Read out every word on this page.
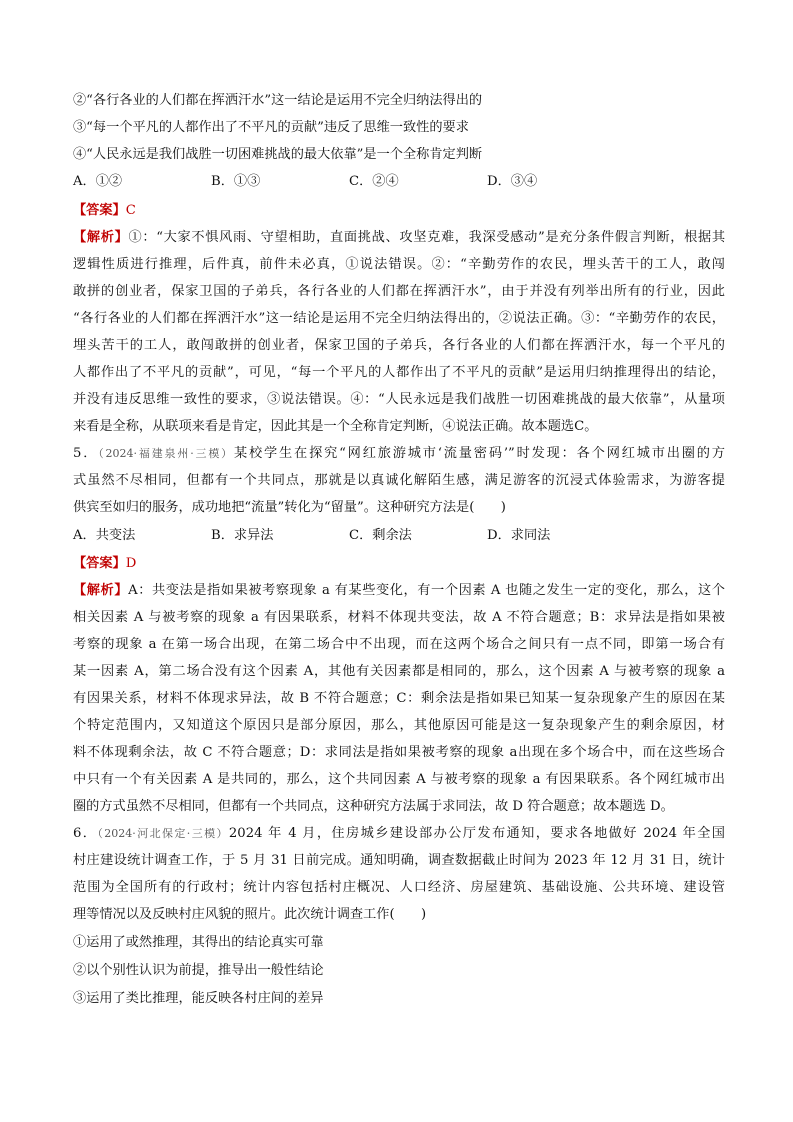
②“各行各业的人们都在挥洒汗水”这一结论是运用不完全归纳法得出的
③“每一个平凡的人都作出了不平凡的贡献”违反了思维一致性的要求
④“人民永远是我们战胜一切困难挑战的最大依靠”是一个全称肯定判断
A．①②	B．①③	C．②④	D．③④
【答案】C
【解析】①：“大家不惧风雨、守望相助，直面挑战、攻坚克难，我深受感动”是充分条件假言判断，根据其
逻辑性质进行推理，后件真，前件未必真，①说法错误。②：“辛勤劳作的农民，埋头苦干的工人，敢闯
敢拼的创业者，保家卫国的子弟兵，各行各业的人们都在挥洒汗水”，由于并没有列举出所有的行业，因此
“各行各业的人们都在挥洒汗水”这一结论是运用不完全归纳法得出的，②说法正确。③：“辛勤劳作的农民，
埋头苦干的工人，敢闯敢拼的创业者，保家卫国的子弟兵，各行各业的人们都在挥洒汗水，每一个平凡的
人都作出了不平凡的贡献”，可见，“每一个平凡的人都作出了不平凡的贡献”是运用归纳推理得出的结论，
并没有违反思维一致性的要求，③说法错误。④：“人民永远是我们战胜一切困难挑战的最大依靠”，从量项
来看是全称，从联项来看是肯定，因此其是一个全称肯定判断，④说法正确。故本题选C。
5．（2024·福建泉州·三模）某校学生在探究“网红旅游城市‘流量密码’”时发现：各个网红城市出圈的方
式虽然不尽相同，但都有一个共同点，那就是以真诚化解陌生感，满足游客的沉浸式体验需求，为游客提
供宾至如归的服务，成功地把“流量”转化为“留量”。这种研究方法是(　　)
A．共变法	B．求异法	C．剩余法	D．求同法
【答案】D
【解析】A：共变法是指如果被考察现象 a 有某些变化，有一个因素 A 也随之发生一定的变化，那么，这个
相关因素 A 与被考察的现象 a 有因果联系，材料不体现共变法，故 A 不符合题意；B：求异法是指如果被
考察的现象 a 在第一场合出现，在第二场合中不出现，而在这两个场合之间只有一点不同，即第一场合有
某一因素 A，第二场合没有这个因素 A，其他有关因素都是相同的，那么，这个因素 A 与被考察的现象 a
有因果关系，材料不体现求异法，故 B 不符合题意；C：剩余法是指如果已知某一复杂现象产生的原因在某
个特定范围内，又知道这个原因只是部分原因，那么，其他原因可能是这一复杂现象产生的剩余原因，材
料不体现剩余法，故 C 不符合题意；D：求同法是指如果被考察的现象 a出现在多个场合中，而在这些场合
中只有一个有关因素 A 是共同的，那么，这个共同因素 A 与被考察的现象 a 有因果联系。各个网红城市出
圈的方式虽然不尽相同，但都有一个共同点，这种研究方法属于求同法，故 D 符合题意；故本题选 D。
6．（2024·河北保定·三模）2024 年 4 月，住房城乡建设部办公厅发布通知，要求各地做好 2024 年全国
村庄建设统计调查工作，于 5 月 31 日前完成。通知明确，调查数据截止时间为 2023 年 12 月 31 日，统计
范围为全国所有的行政村；统计内容包括村庄概况、人口经济、房屋建筑、基础设施、公共环境、建设管
理等情况以及反映村庄风貌的照片。此次统计调查工作(　　)
①运用了或然推理，其得出的结论真实可靠
②以个别性认识为前提，推导出一般性结论
③运用了类比推理，能反映各村庄间的差异
